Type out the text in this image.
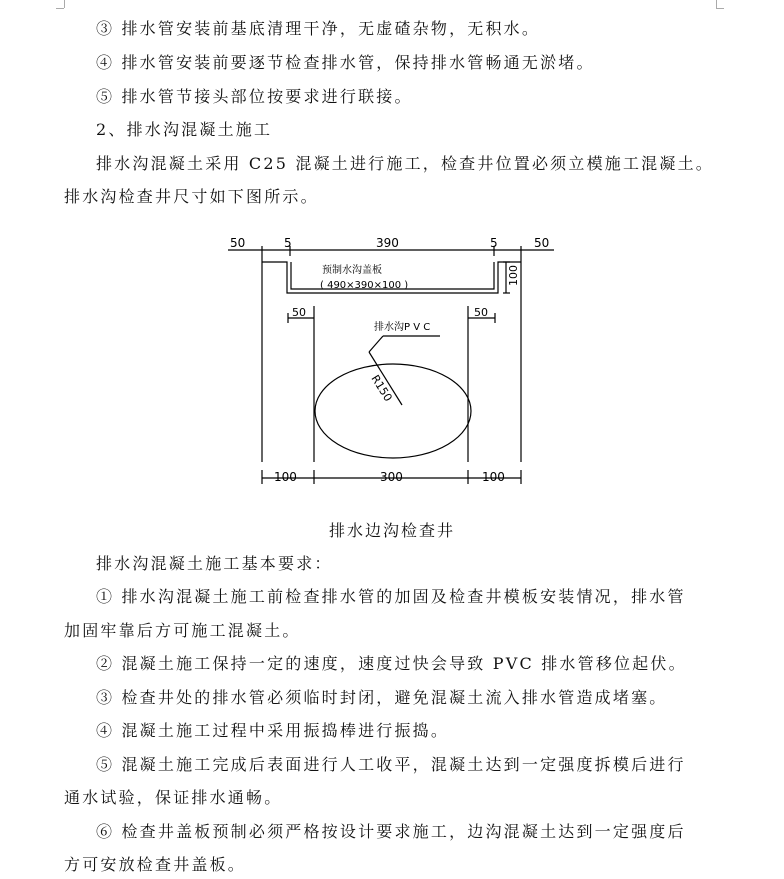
③ 排水管安装前基底清理干净，无虚碴杂物，无积水。
④ 排水管安装前要逐节检查排水管，保持排水管畅通无淤堵。
⑤ 排水管节接头部位按要求进行联接。
2、排水沟混凝土施工
排水沟混凝土采用 C25 混凝土进行施工，检查井位置必须立模施工混凝土。
排水沟检查井尺寸如下图所示。
50	5	390	5	50
预制水沟盖板
( 490×390×100 )	100
50	50
排水沟P V C
R150
100	300	100
排水边沟检查井
排水沟混凝土施工基本要求：
① 排水沟混凝土施工前检查排水管的加固及检查井模板安装情况，排水管
加固牢靠后方可施工混凝土。
② 混凝土施工保持一定的速度，速度过快会导致 PVC 排水管移位起伏。
③ 检查井处的排水管必须临时封闭，避免混凝土流入排水管造成堵塞。
④ 混凝土施工过程中采用振捣棒进行振捣。
⑤ 混凝土施工完成后表面进行人工收平，混凝土达到一定强度拆模后进行
通水试验，保证排水通畅。
⑥ 检查井盖板预制必须严格按设计要求施工，边沟混凝土达到一定强度后
方可安放检查井盖板。
